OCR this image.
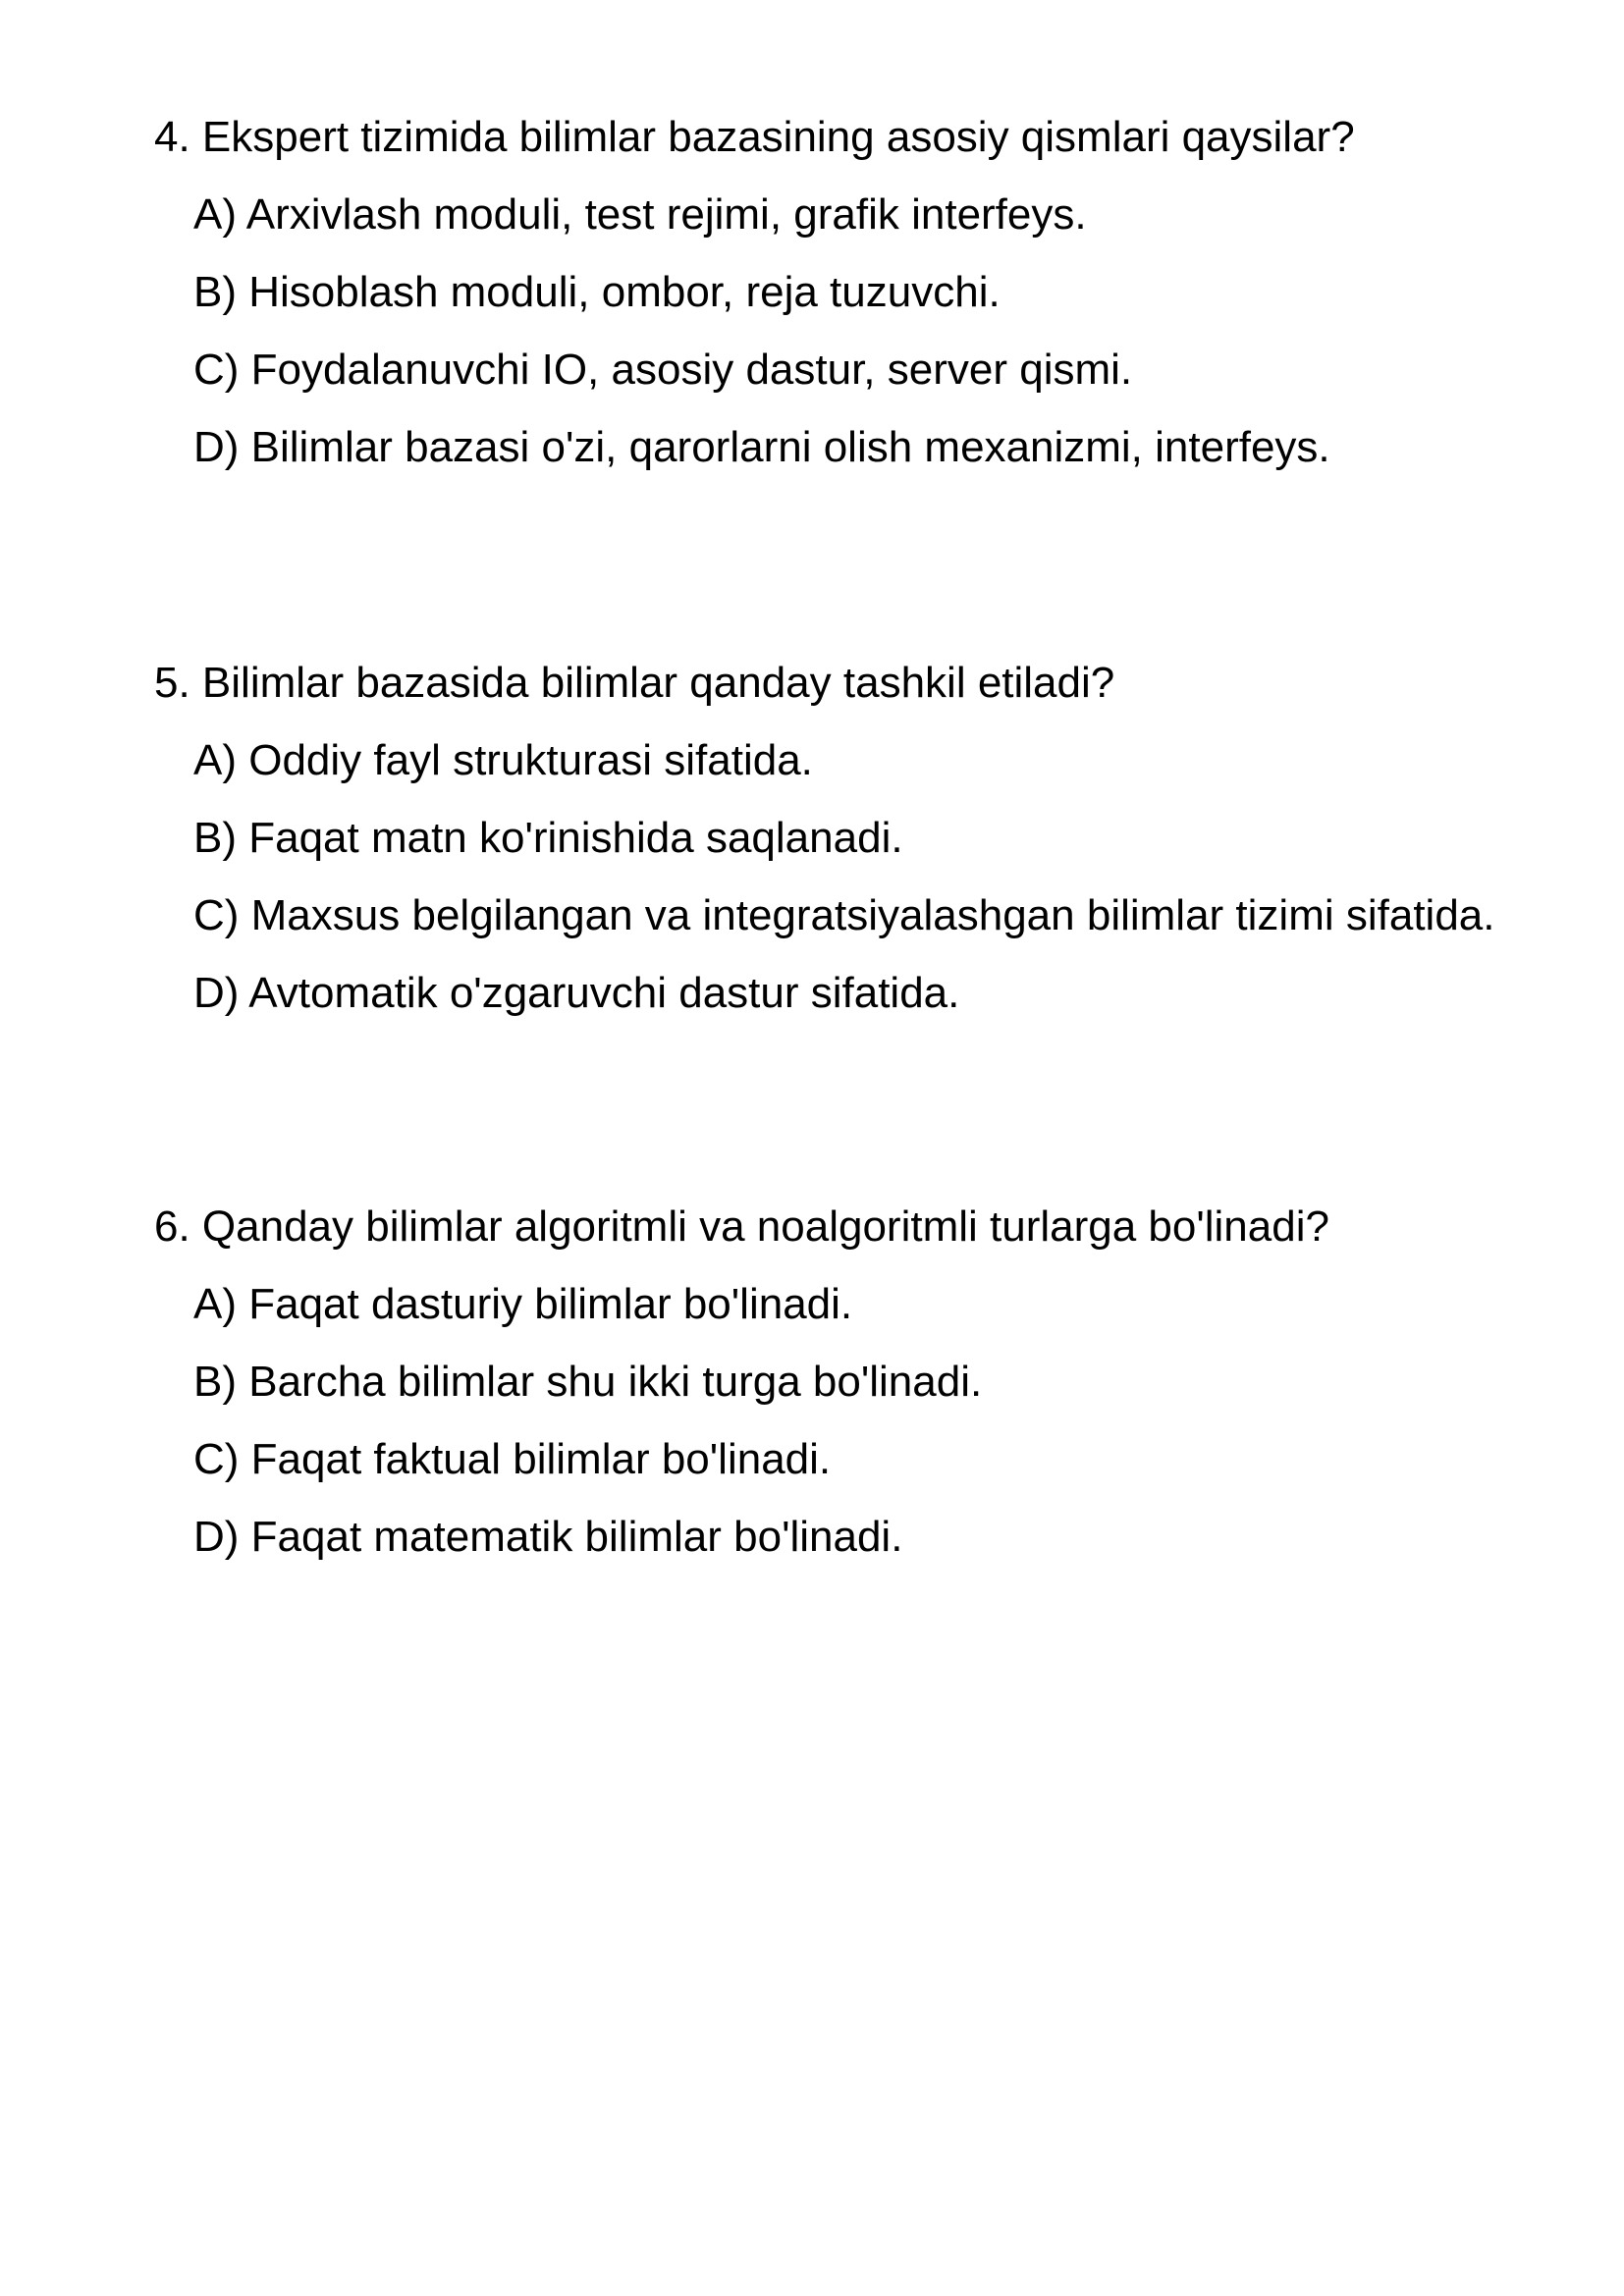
4. Ekspert tizimida bilimlar bazasining asosiy qismlari qaysilar?

A) Arxivlash moduli, test rejimi, grafik interfeys.
B) Hisoblash moduli, ombor, reja tuzuvchi.
C) Foydalanuvchi IO, asosiy dastur, server qismi.
D) Bilimlar bazasi o'zi, qarorlarni olish mexanizmi, interfeys.

5. Bilimlar bazasida bilimlar qanday tashkil etiladi?

A) Oddiy fayl strukturasi sifatida.
B) Faqat matn ko'rinishida saqlanadi.
C) Maxsus belgilangan va integratsiyalashgan bilimlar tizimi sifatida.
D) Avtomatik o'zgaruvchi dastur sifatida.

6. Qanday bilimlar algoritmli va noalgoritmli turlarga bo'linadi?

A) Faqat dasturiy bilimlar bo'linadi.
B) Barcha bilimlar shu ikki turga bo'linadi.
C) Faqat faktual bilimlar bo'linadi.
D) Faqat matematik bilimlar bo'linadi.
